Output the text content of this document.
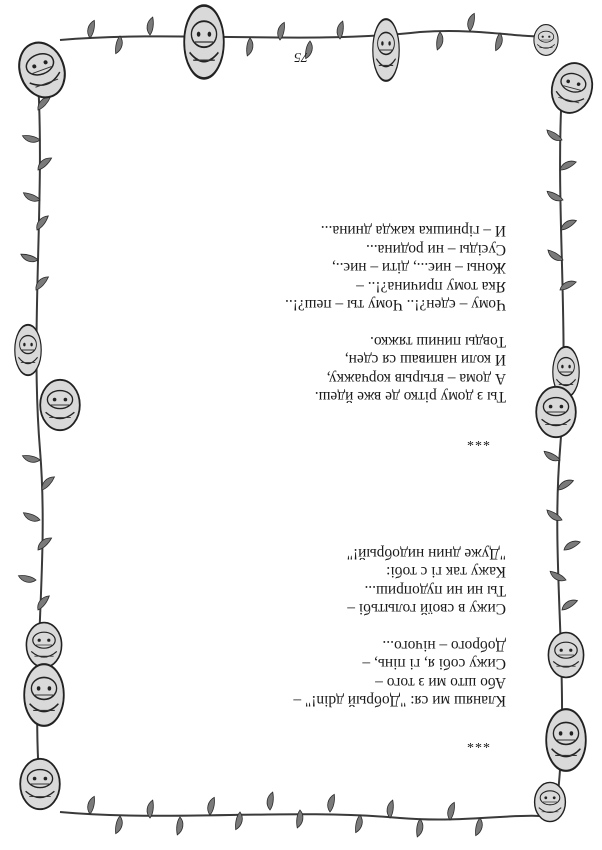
75
***
Кланяш ми ся: "Добрый дdin!" –
Або што ми з того –
Сижу собі я, гі пінь, –
Доброго – нічого...
Сижу в своїй голытьбі –
Ты ни ни пудоприш...
Кажу так гі с тобі:
"Дуже днин нидобрый!"
***
Ты з дому рітко де вже йдеш.
А дома – втырыв корчажку,
И коли напиваш ся сден,
Товды пиниш тяжко.
Чому – єден?!.. Чому ты – пеш?!..
Яка тому причина?!.. –
Жоны – ниє..., діти – ниє..,
Суєіды – ни родина...
И – гірнишка кажда днина...
